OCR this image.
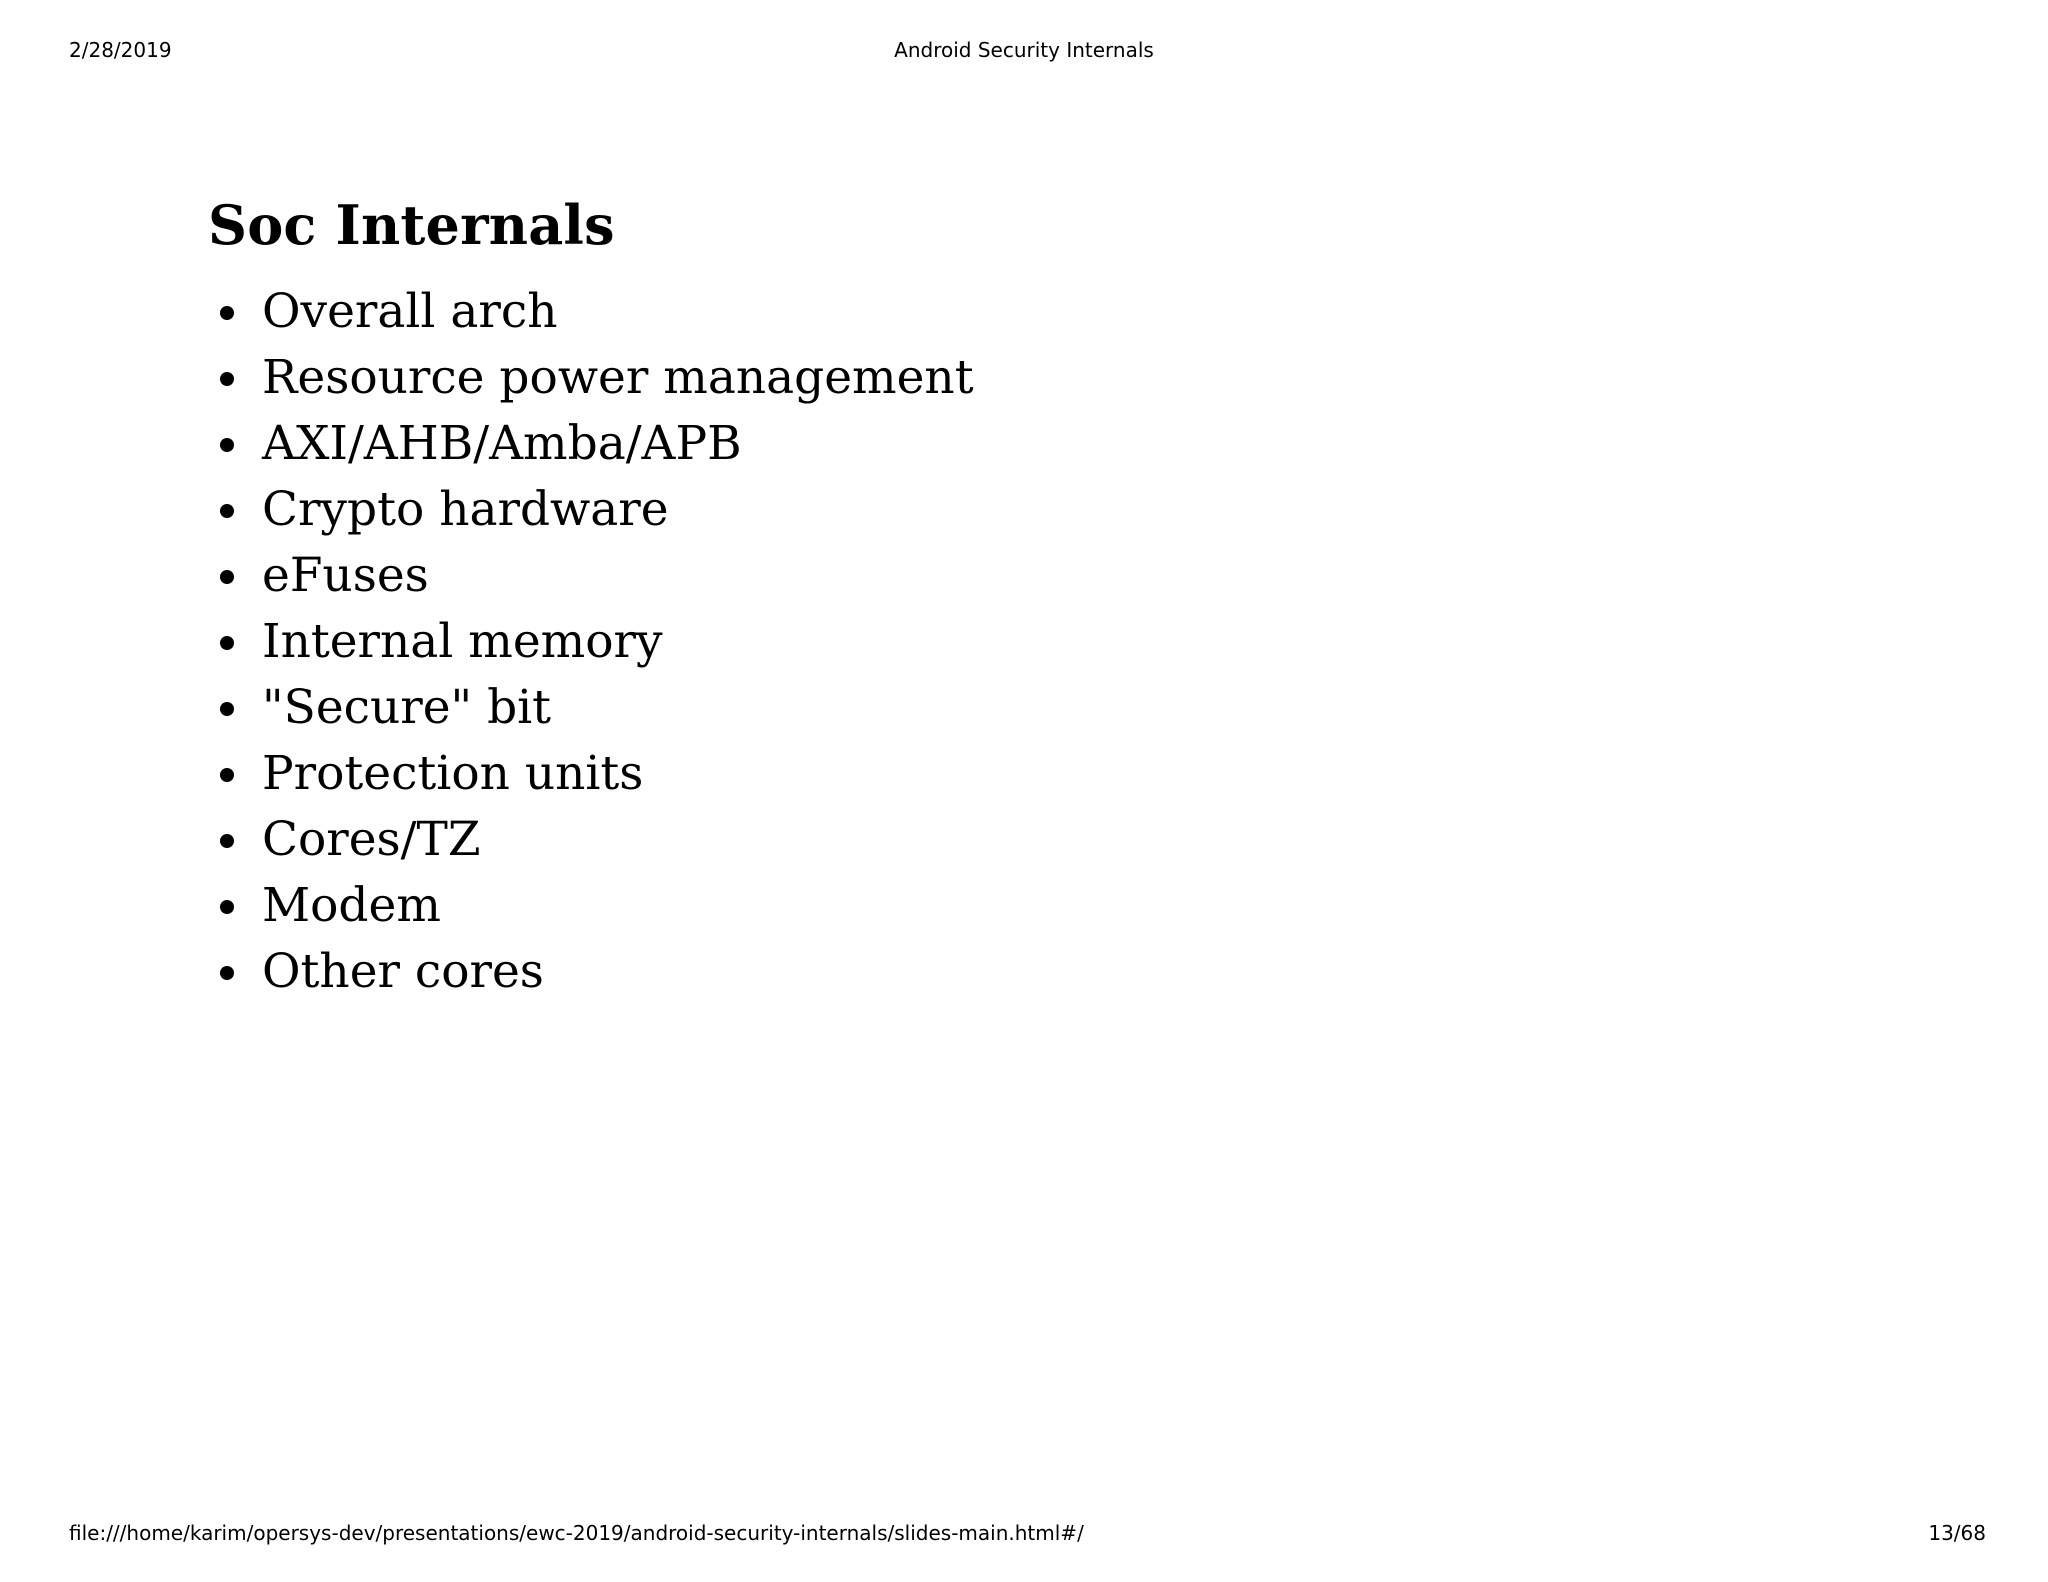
2/28/2019	Android Security Internals
Soc Internals
Overall arch
Resource power management
AXI/AHB/Amba/APB
Crypto hardware
eFuses
Internal memory
"Secure" bit
Protection units
Cores/TZ
Modem
Other cores
file:///home/karim/opersys-dev/presentations/ewc-2019/android-security-internals/slides-main.html#/	13/68
